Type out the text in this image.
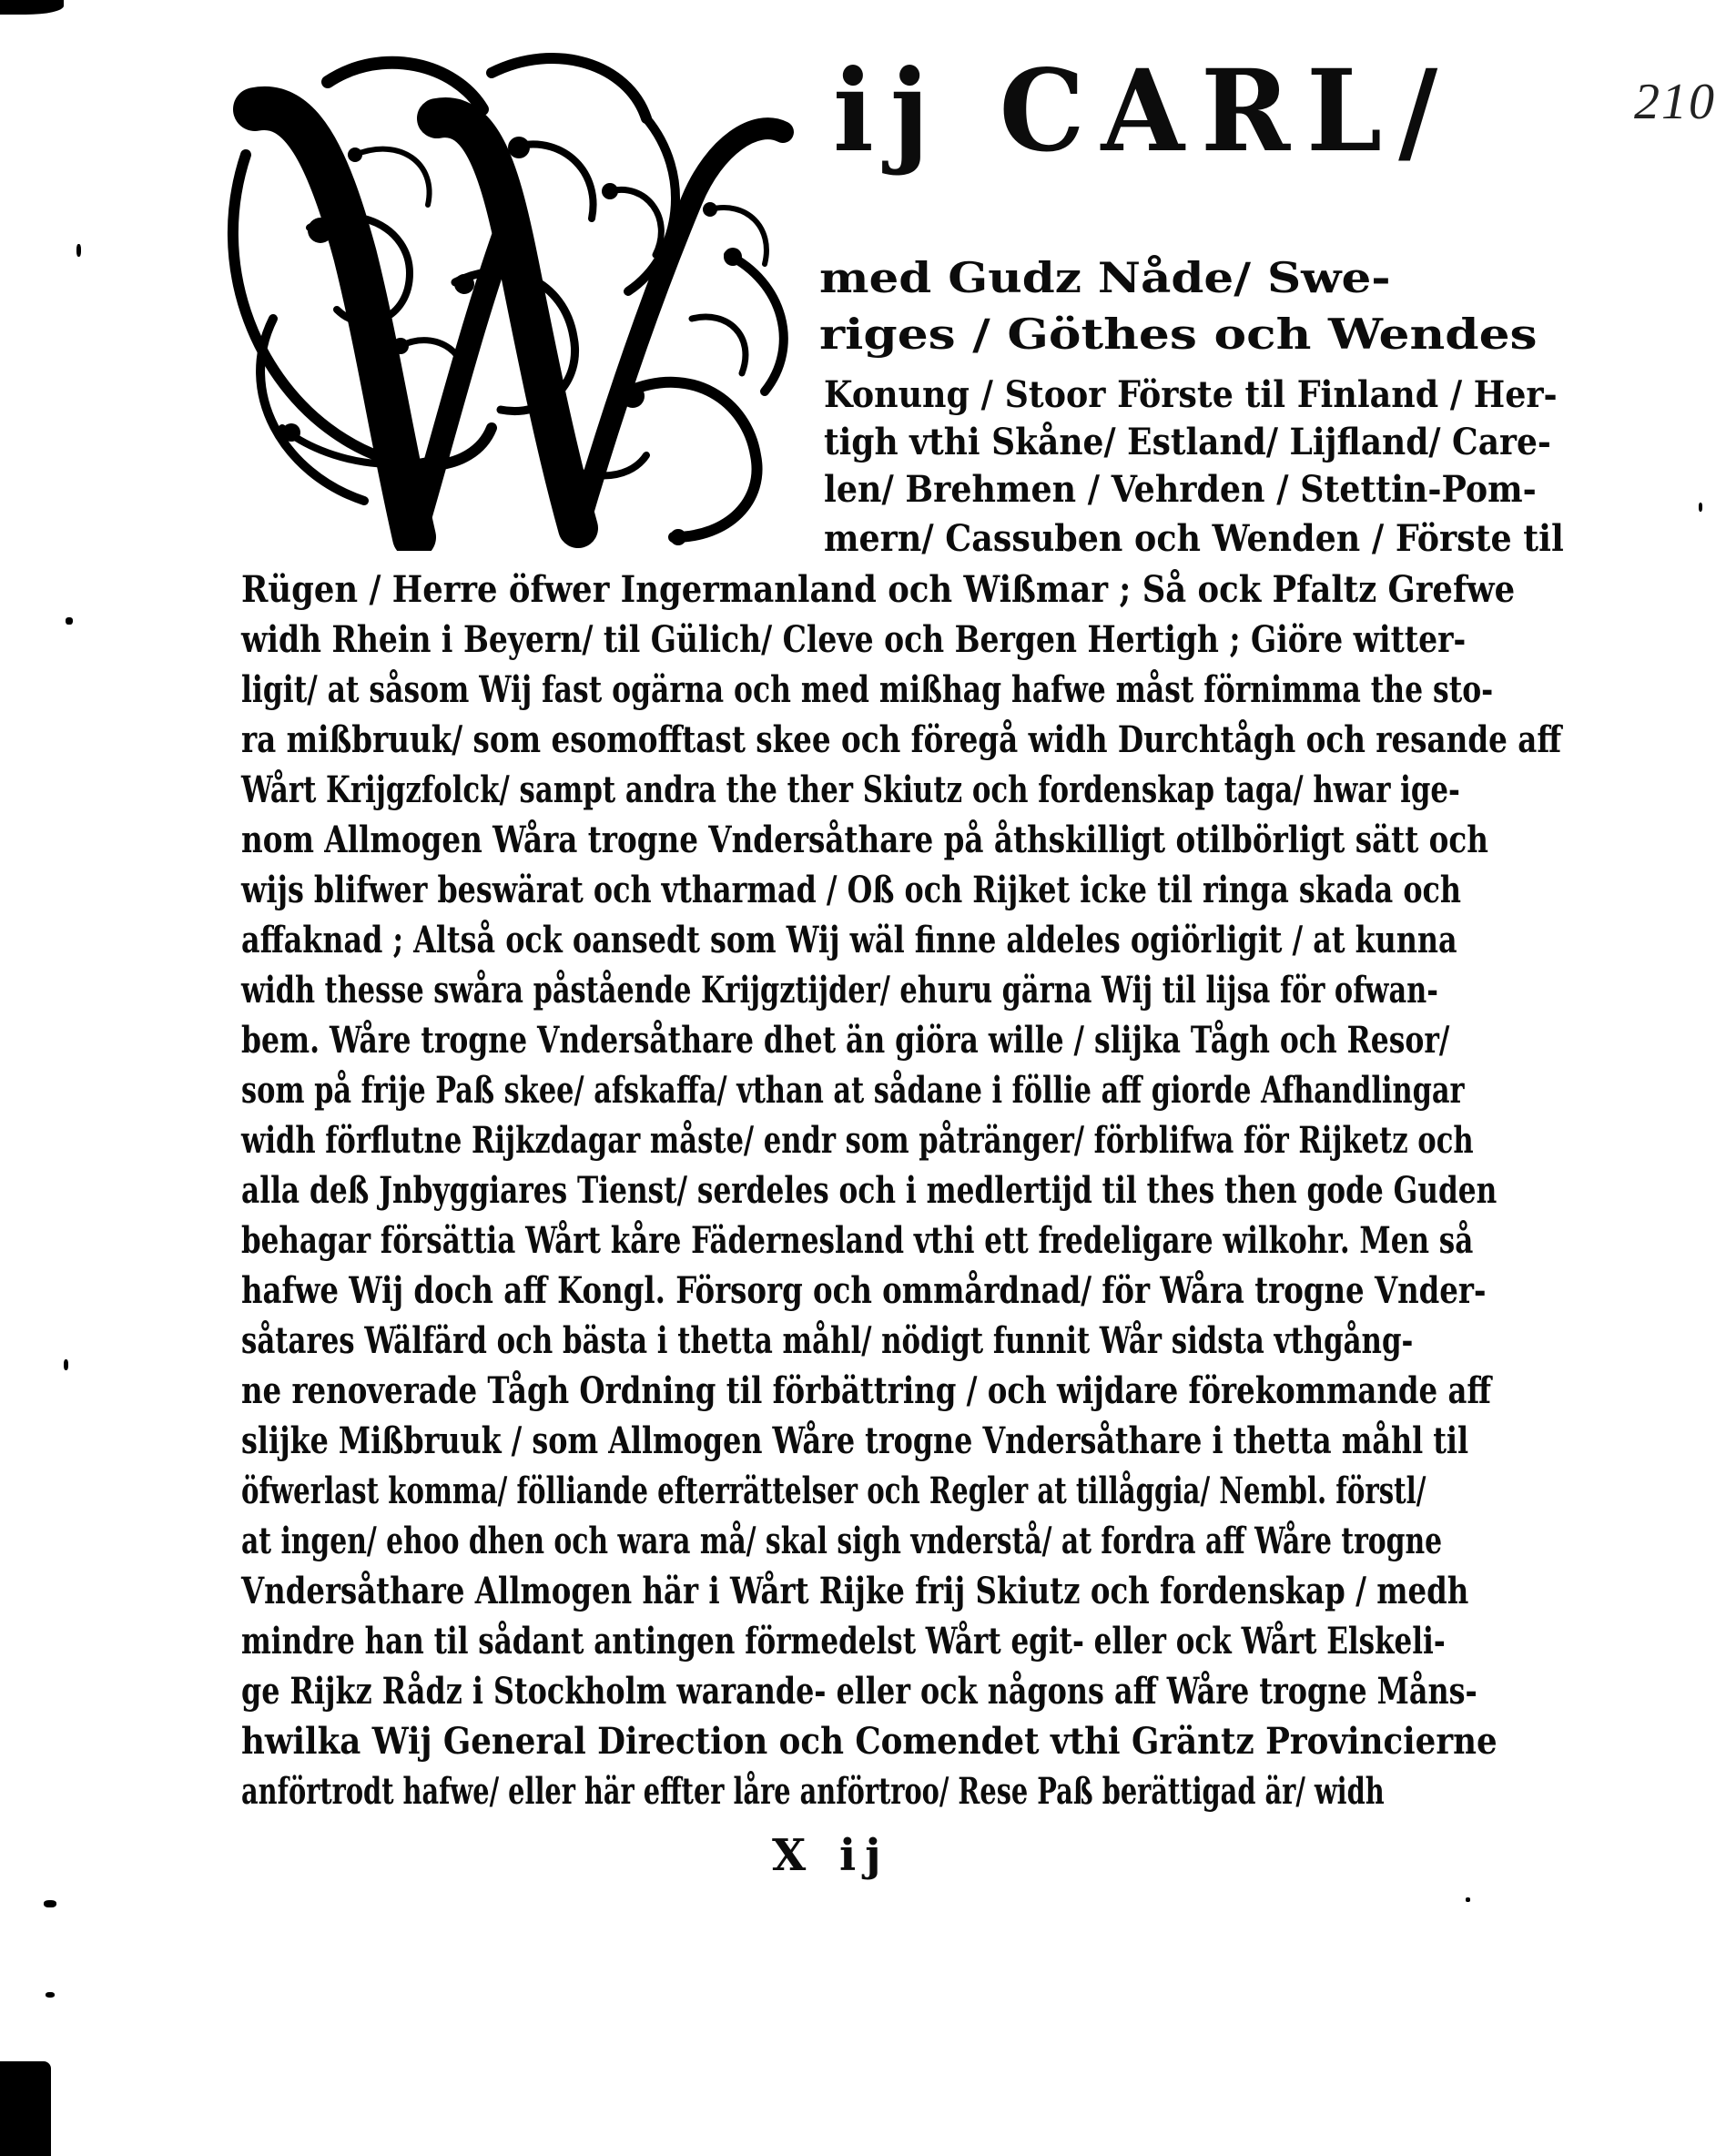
210
ij CARL/
med Gudz Nåde/ Swe-
riges / Göthes och Wendes
Konung / Stoor Förste til Finland / Her-
tigh vthi Skåne/ Estland/ Lijfland/ Care-
len/ Brehmen / Vehrden / Stettin-Pom-
mern/ Cassuben och Wenden / Förste til
Rügen / Herre öfwer Ingermanland och Wißmar ; Så ock Pfaltz Grefwe
widh Rhein i Beyern/ til Gülich/ Cleve och Bergen Hertigh ; Giöre witter-
ligit/ at såsom Wij fast ogärna och med mißhag hafwe måst förnimma the sto-
ra mißbruuk/ som esomofftast skee och föregå widh Durchtågh och resande aff
Wårt Krijgzfolck/ sampt andra the ther Skiutz och fordenskap taga/ hwar ige-
nom Allmogen Wåra trogne Vndersåthare på åthskilligt otilbörligt sätt och
wijs blifwer beswärat och vtharmad / Oß och Rijket icke til ringa skada och
affaknad ; Altså ock oansedt som Wij wäl finne aldeles ogiörligit / at kunna
widh thesse swåra påstående Krijgztijder/ ehuru gärna Wij til lijsa för ofwan-
bem. Wåre trogne Vndersåthare dhet än giöra wille / slijka Tågh och Resor/
som på frije Paß skee/ afskaffa/ vthan at sådane i föllie aff giorde Afhandlingar
widh förflutne Rijkzdagar måste/ endr som påtränger/ förblifwa för Rijketz och
alla deß Jnbyggiares Tienst/ serdeles och i medlertijd til thes then gode Guden
behagar försättia Wårt kåre Fädernesland vthi ett fredeligare wilkohr. Men så
hafwe Wij doch aff Kongl. Försorg och ommårdnad/ för Wåra trogne Vnder-
såtares Wälfärd och bästa i thetta måhl/ nödigt funnit Wår sidsta vthgång-
ne renoverade Tågh Ordning til förbättring / och wijdare förekommande aff
slijke Mißbruuk / som Allmogen Wåre trogne Vndersåthare i thetta måhl til
öfwerlast komma/ fölliande efterrättelser och Regler at tillåggia/ Nembl. förstl/
at ingen/ ehoo dhen och wara må/ skal sigh vnderstå/ at fordra aff Wåre trogne
Vndersåthare Allmogen här i Wårt Rijke frij Skiutz och fordenskap / medh
mindre han til sådant antingen förmedelst Wårt egit- eller ock Wårt Elskeli-
ge Rijkz Rådz i Stockholm warande- eller ock någons aff Wåre trogne Måns-
hwilka Wij General Direction och Comendet vthi Gräntz Provincierne
anförtrodt hafwe/ eller här effter låre anförtroo/ Rese Paß berättigad är/ widh
X ij
